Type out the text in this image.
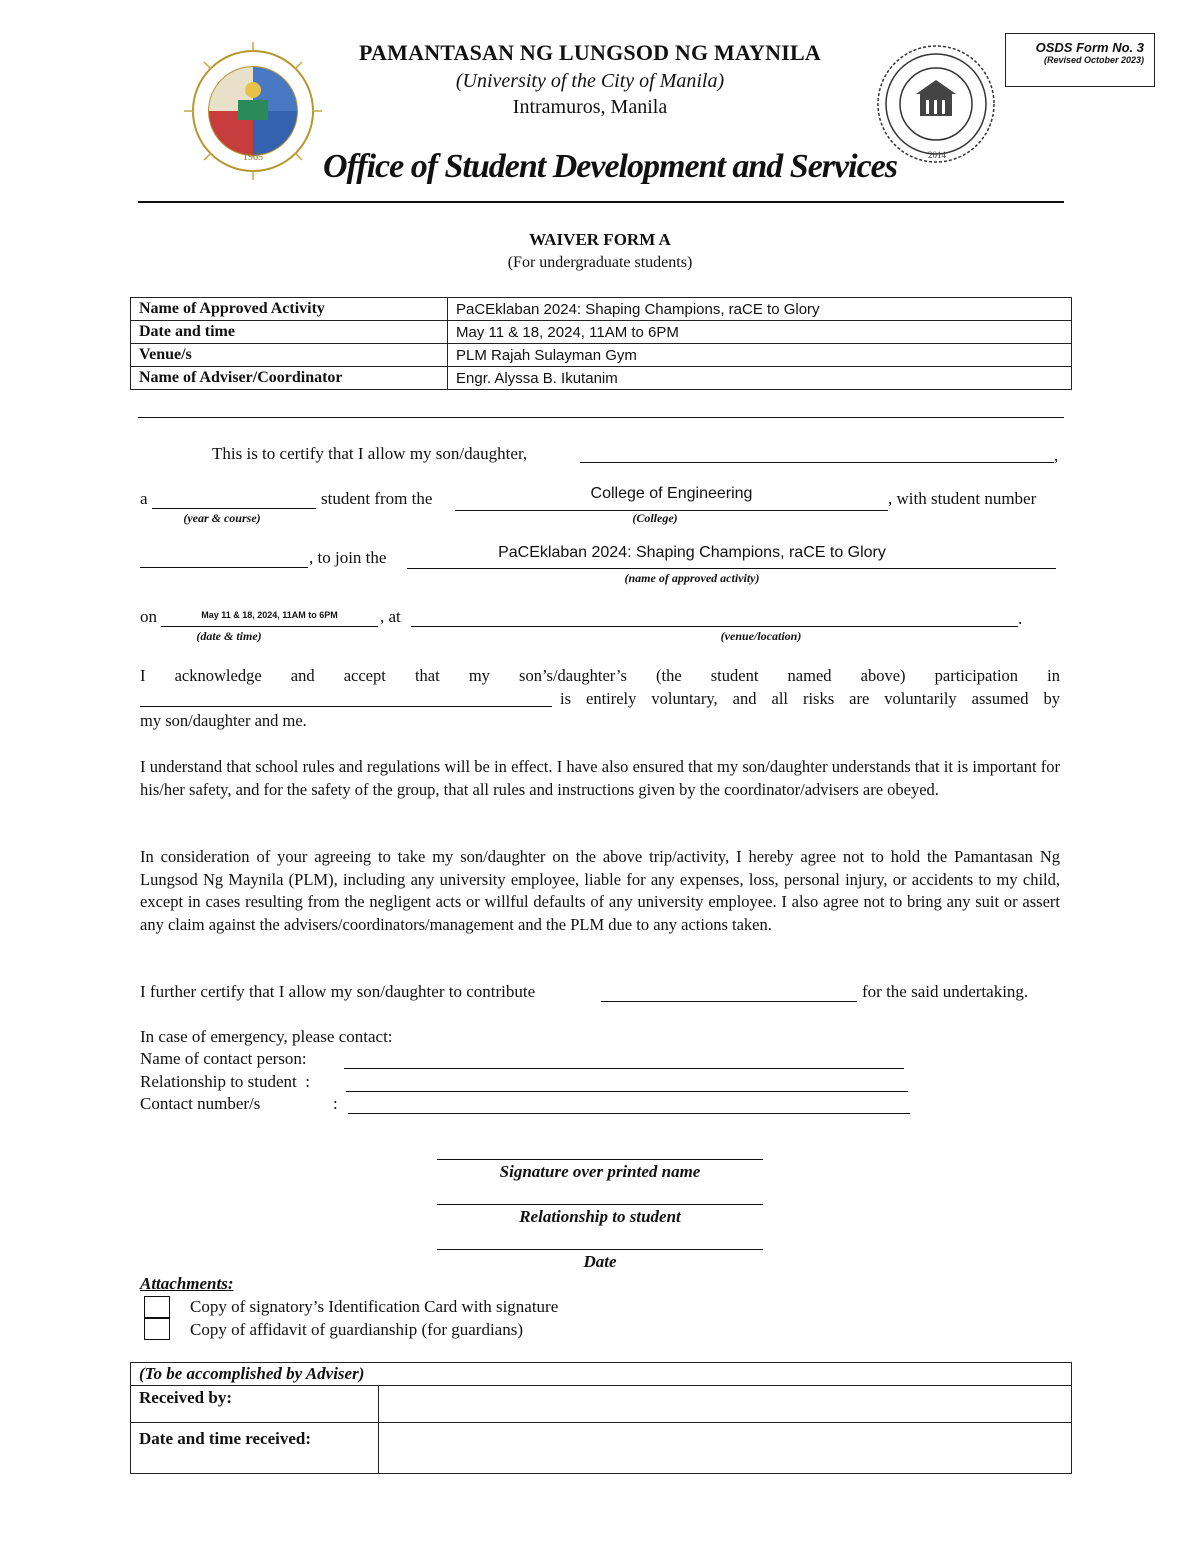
1965
PAMANTASAN NG LUNGSOD NG MAYNILA
(University of the City of Manila)
Intramuros, Manila
Office of Student Development and Services	2014
OSDS Form No. 3
(Revised October 2023)
WAIVER FORM A
(For undergraduate students)
Name of Approved Activity	PaCEklaban 2024: Shaping Champions, raCE to Glory
Date and time	May 11 & 18, 2024, 11AM to 6PM
Venue/s	PLM Rajah Sulayman Gym
Name of Adviser/Coordinator	Engr. Alyssa B. Ikutanim
This is to certify that I allow my son/daughter,	,
a	student from the	College of Engineering	, with student number
(year & course)	(College)
, to join the	PaCEklaban 2024: Shaping Champions, raCE to Glory
(name of approved activity)
on	May 11 & 18, 2024, 11AM to 6PM	, at	.
(date & time)	(venue/location)
I acknowledge and accept that my son’s/daughter’s (the student named above) participation in
is entirely voluntary, and all risks are voluntarily assumed by
my son/daughter and me.
I understand that school rules and regulations will be in effect. I have also ensured that my son/daughter understands that it is important for his/her safety, and for the safety of the group, that all rules and instructions given by the coordinator/advisers are obeyed.
In consideration of your agreeing to take my son/daughter on the above trip/activity, I hereby agree not to hold the Pamantasan Ng Lungsod Ng Maynila (PLM), including any university employee, liable for any expenses, loss, personal injury, or accidents to my child, except in cases resulting from the negligent acts or willful defaults of any university employee. I also agree not to bring any suit or assert any claim against the advisers/coordinators/management and the PLM due to any actions taken.
I further certify that I allow my son/daughter to contribute	for the said undertaking.
In case of emergency, please contact:
Name of contact person:
Relationship to student  :
Contact number/s	:
Signature over printed name
Relationship to student
Date
Attachments:
Copy of signatory’s Identification Card with signature
Copy of affidavit of guardianship (for guardians)
(To be accomplished by Adviser)	
Received by:	
Date and time received:	
